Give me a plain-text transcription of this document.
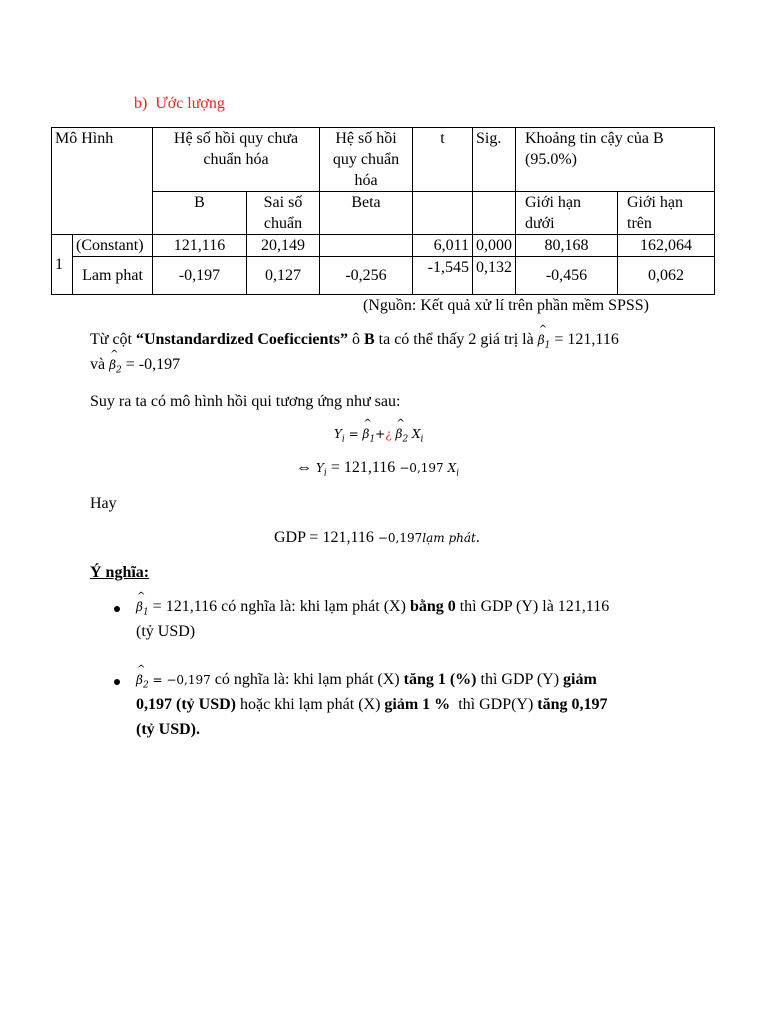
b) Ước lượng
Mô Hình		Hệ số hồi quy chưa chuẩn hóa		Hệ số hồi quy chuẩn hóa	t	Sig.	Khoảng tin cậy của B (95.0%)	
		B	Sai số chuẩn	Beta			Giới hạn dưới	Giới hạn trên
1	(Constant)	121,116	20,149		6,011	0,000	80,168	162,064
	Lam phat	-0,197	0,127	-0,256	-1,545	0,132	-0,456	0,062
(Nguồn: Kết quả xử lí trên phần mềm SPSS)
Từ cột “Unstandardized Coeficcients” ô B ta có thể thấy 2 giá trị là ^ $\beta_1 = 121,116$
và ^ $\beta_2 = -0,197$
Suy ra ta có mô hình hồi qui tương ứng như sau:
$Y_i$ = ^ $\beta_1+¿$ ^ $\beta_2$ $X_i$
⇔ $Y_i = 121,116 -0,197$ $X_i$
Hay
GDP = 121,116 −0,197lạm phát.
Ý nghĩa:
^ $\beta_1 = 121,116$ có nghĩa là: khi lạm phát (X) bằng 0 thì GDP (Y) là 121,116
(tỷ USD)
^ $\beta_2 = -0,197$ có nghĩa là: khi lạm phát (X) tăng 1 (%) thì GDP (Y) giảm
0,197 (tỷ USD) hoặc khi lạm phát (X) giảm 1 %  thì GDP(Y) tăng 0,197
(tỷ USD).
